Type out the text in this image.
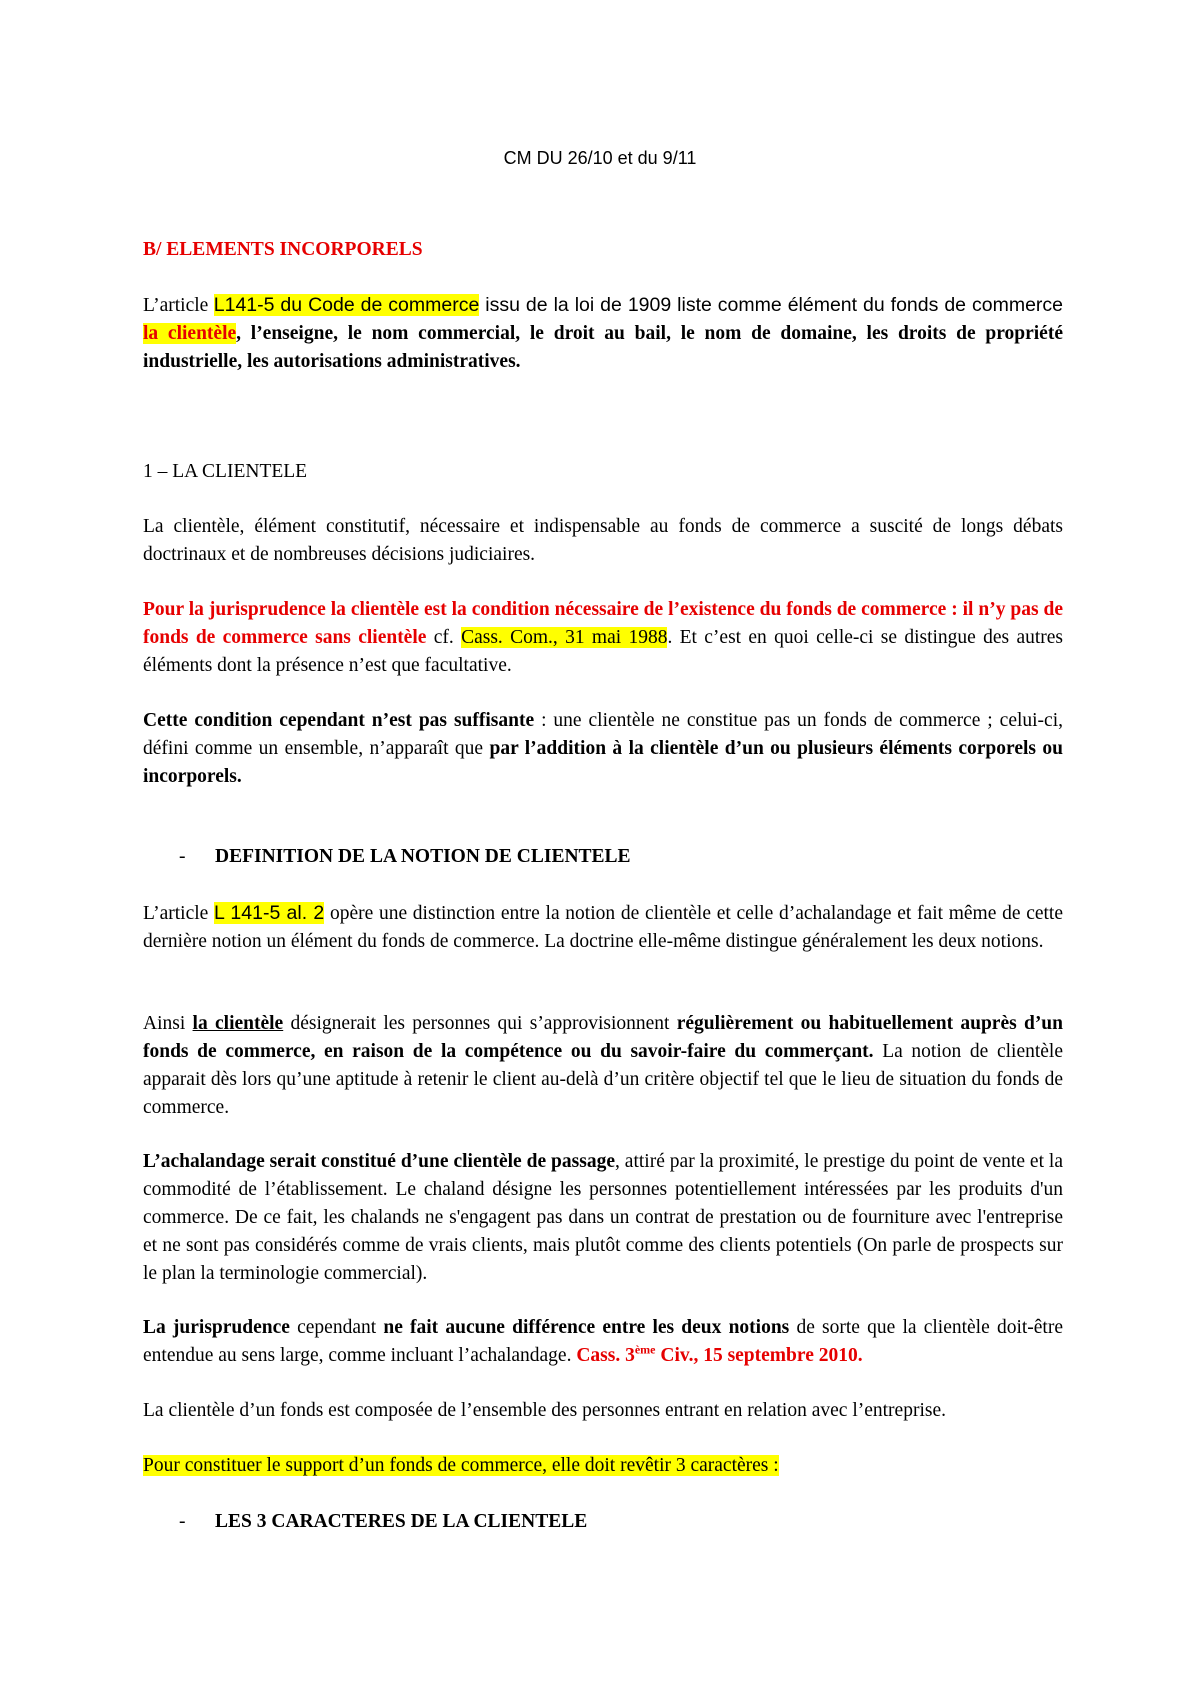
CM DU 26/10 et du 9/11

B/ ELEMENTS INCORPORELS

L’article L141-5 du Code de commerce issu de la loi de 1909 liste comme élément du fonds de commerce la clientèle, l’enseigne, le nom commercial, le droit au bail, le nom de domaine, les droits de propriété industrielle, les autorisations administratives.

1 – LA CLIENTELE

La clientèle, élément constitutif, nécessaire et indispensable au fonds de commerce a suscité de longs débats doctrinaux et de nombreuses décisions judiciaires.

Pour la jurisprudence la clientèle est la condition nécessaire de l’existence du fonds de commerce : il n’y pas de fonds de commerce sans clientèle cf. Cass. Com., 31 mai 1988. Et c’est en quoi celle-ci se distingue des autres éléments dont la présence n’est que facultative.

Cette condition cependant n’est pas suffisante : une clientèle ne constitue pas un fonds de commerce ; celui-ci, défini comme un ensemble, n’apparaît que par l’addition à la clientèle d’un ou plusieurs éléments corporels ou incorporels.

- DEFINITION DE LA NOTION DE CLIENTELE

L’article L 141-5 al. 2 opère une distinction entre la notion de clientèle et celle d’achalandage et fait même de cette dernière notion un élément du fonds de commerce. La doctrine elle-même distingue généralement les deux notions.

Ainsi la clientèle désignerait les personnes qui s’approvisionnent régulièrement ou habituellement auprès d’un fonds de commerce, en raison de la compétence ou du savoir-faire du commerçant. La notion de clientèle apparait dès lors qu’une aptitude à retenir le client au-delà d’un critère objectif tel que le lieu de situation du fonds de commerce.

L’achalandage serait constitué d’une clientèle de passage, attiré par la proximité, le prestige du point de vente et la commodité de l’établissement. Le chaland désigne les personnes potentiellement intéressées par les produits d'un commerce. De ce fait, les chalands ne s'engagent pas dans un contrat de prestation ou de fourniture avec l'entreprise et ne sont pas considérés comme de vrais clients, mais plutôt comme des clients potentiels (On parle de prospects sur le plan la terminologie commercial).

La jurisprudence cependant ne fait aucune différence entre les deux notions de sorte que la clientèle doit-être entendue au sens large, comme incluant l’achalandage. Cass. 3ème Civ., 15 septembre 2010.

La clientèle d’un fonds est composée de l’ensemble des personnes entrant en relation avec l’entreprise.

Pour constituer le support d’un fonds de commerce, elle doit revêtir 3 caractères :

- LES 3 CARACTERES DE LA CLIENTELE
